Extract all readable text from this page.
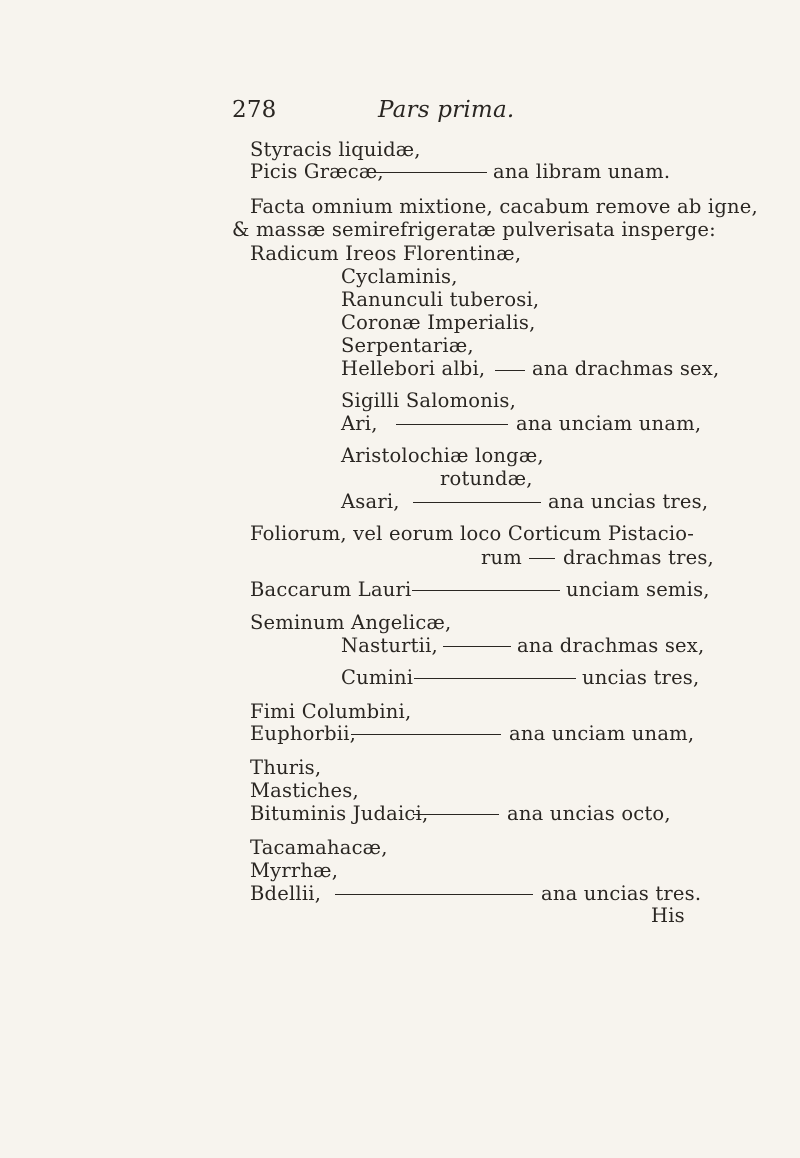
278	Pars prima.
Styracis liquidæ,
Picis Græcæ,	ana libram unam.
Facta omnium mixtione, cacabum remove ab igne,
& massæ semirefrigeratæ pulverisata insperge:
Radicum Ireos Florentinæ,
Cyclaminis,
Ranunculi tuberosi,
Coronæ Imperialis,
Serpentariæ,
Hellebori albi, ana drachmas sex,
Sigilli Salomonis,
Ari,	ana unciam unam,
Aristolochiæ longæ,
rotundæ,
Asari,	ana uncias tres,
Foliorum, vel eorum loco Corticum Pistacio-
rum drachmas tres,
Baccarum Lauri	unciam semis,
Seminum Angelicæ,
Nasturtii,	ana drachmas sex,
Cumini	uncias tres,
Fimi Columbini,
Euphorbii,	ana unciam unam,
Thuris,
Mastiches,
Bituminis Judaici,	ana uncias octo,
Tacamahacæ,
Myrrhæ,
Bdellii,	ana uncias tres.
His
